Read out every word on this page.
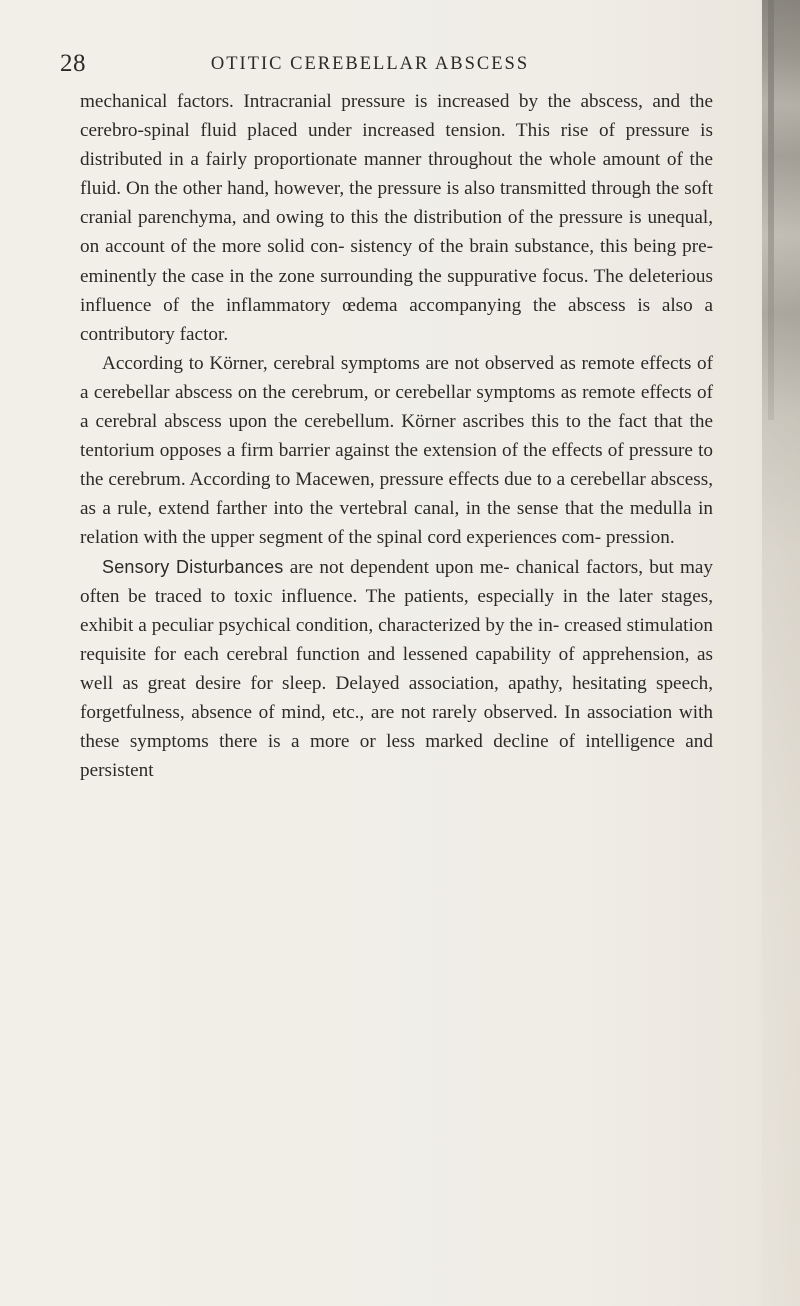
28	OTITIC CEREBELLAR ABSCESS

mechanical factors. Intracranial pressure is increased by the abscess, and the cerebro-spinal fluid placed under increased tension. This rise of pressure is distributed in a fairly proportionate manner throughout the whole amount of the fluid. On the other hand, however, the pressure is also transmitted through the soft cranial parenchyma, and owing to this the distribution of the pressure is unequal, on account of the more solid con- sistency of the brain substance, this being pre-eminently the case in the zone surrounding the suppurative focus. The deleterious influence of the inflammatory œdema accompanying the abscess is also a contributory factor.

According to Körner, cerebral symptoms are not observed as remote effects of a cerebellar abscess on the cerebrum, or cerebellar symptoms as remote effects of a cerebral abscess upon the cerebellum. Körner ascribes this to the fact that the tentorium opposes a firm barrier against the extension of the effects of pressure to the cerebrum. According to Macewen, pressure effects due to a cerebellar abscess, as a rule, extend farther into the vertebral canal, in the sense that the medulla in relation with the upper segment of the spinal cord experiences com- pression.

Sensory Disturbances are not dependent upon me- chanical factors, but may often be traced to toxic influence. The patients, especially in the later stages, exhibit a peculiar psychical condition, characterized by the in- creased stimulation requisite for each cerebral function and lessened capability of apprehension, as well as great desire for sleep. Delayed association, apathy, hesitating speech, forgetfulness, absence of mind, etc., are not rarely observed. In association with these symptoms there is a more or less marked decline of intelligence and persistent
